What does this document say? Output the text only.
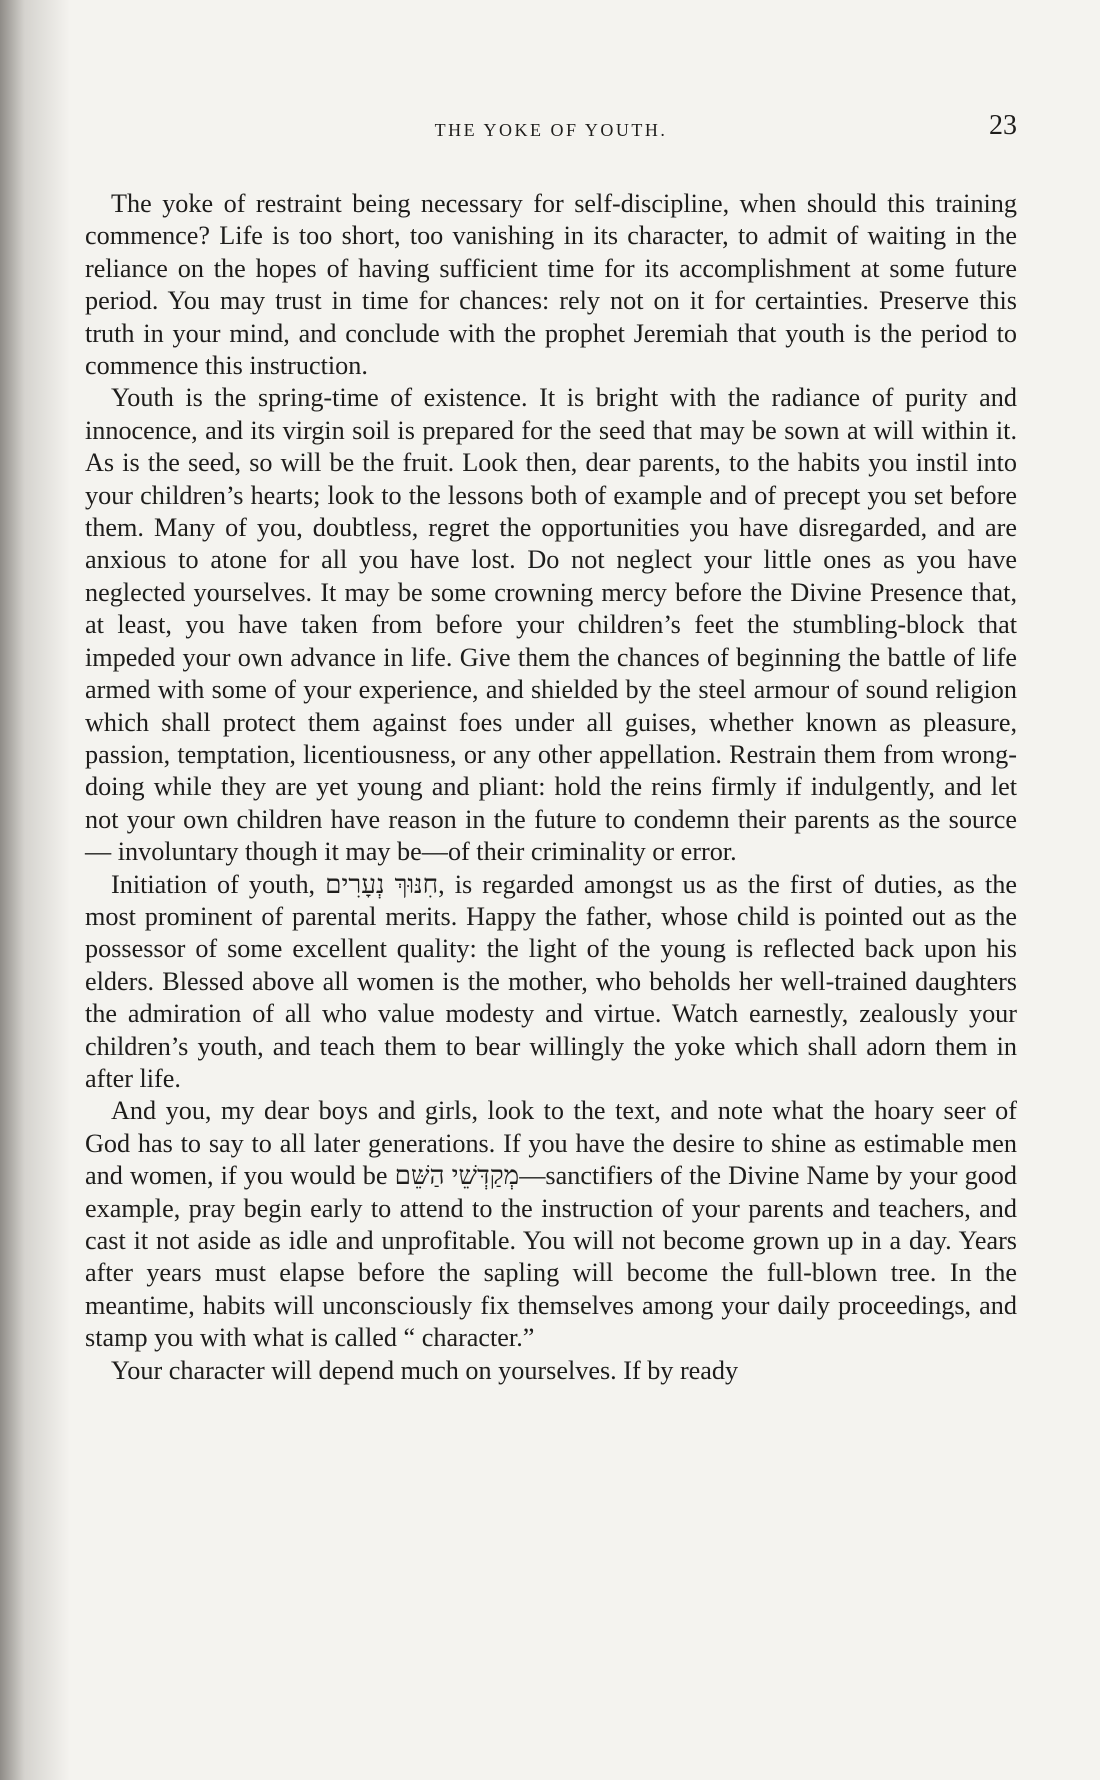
THE YOKE OF YOUTH.	23

The yoke of restraint being necessary for self-discipline, when should this training commence? Life is too short, too vanishing in its character, to admit of waiting in the reliance on the hopes of having sufficient time for its accomplishment at some future period. You may trust in time for chances: rely not on it for certainties. Preserve this truth in your mind, and conclude with the prophet Jeremiah that youth is the period to commence this instruction.

Youth is the spring-time of existence. It is bright with the radiance of purity and innocence, and its virgin soil is prepared for the seed that may be sown at will within it. As is the seed, so will be the fruit. Look then, dear parents, to the habits you instil into your children’s hearts; look to the lessons both of example and of precept you set before them. Many of you, doubtless, regret the opportunities you have disregarded, and are anxious to atone for all you have lost. Do not neglect your little ones as you have neglected yourselves. It may be some crowning mercy before the Divine Presence that, at least, you have taken from before your children’s feet the stumbling-block that impeded your own advance in life. Give them the chances of beginning the battle of life armed with some of your experience, and shielded by the steel armour of sound religion which shall protect them against foes under all guises, whether known as pleasure, passion, temptation, licentiousness, or any other appellation. Restrain them from wrong-doing while they are yet young and pliant: hold the reins firmly if indulgently, and let not your own children have reason in the future to condemn their parents as the source — involuntary though it may be—of their criminality or error.

Initiation of youth, חִנּוּךְ נְעָרִים, is regarded amongst us as the first of duties, as the most prominent of parental merits. Happy the father, whose child is pointed out as the possessor of some excellent quality: the light of the young is reflected back upon his elders. Blessed above all women is the mother, who beholds her well-trained daughters the admiration of all who value modesty and virtue. Watch earnestly, zealously your children’s youth, and teach them to bear willingly the yoke which shall adorn them in after life.

And you, my dear boys and girls, look to the text, and note what the hoary seer of God has to say to all later generations. If you have the desire to shine as estimable men and women, if you would be מְקַדְּשֵׁי הַשֵּׁם—sanctifiers of the Divine Name by your good example, pray begin early to attend to the instruction of your parents and teachers, and cast it not aside as idle and unprofitable. You will not become grown up in a day. Years after years must elapse before the sapling will become the full-blown tree. In the meantime, habits will unconsciously fix themselves among your daily proceedings, and stamp you with what is called “ character.”

Your character will depend much on yourselves. If by ready
